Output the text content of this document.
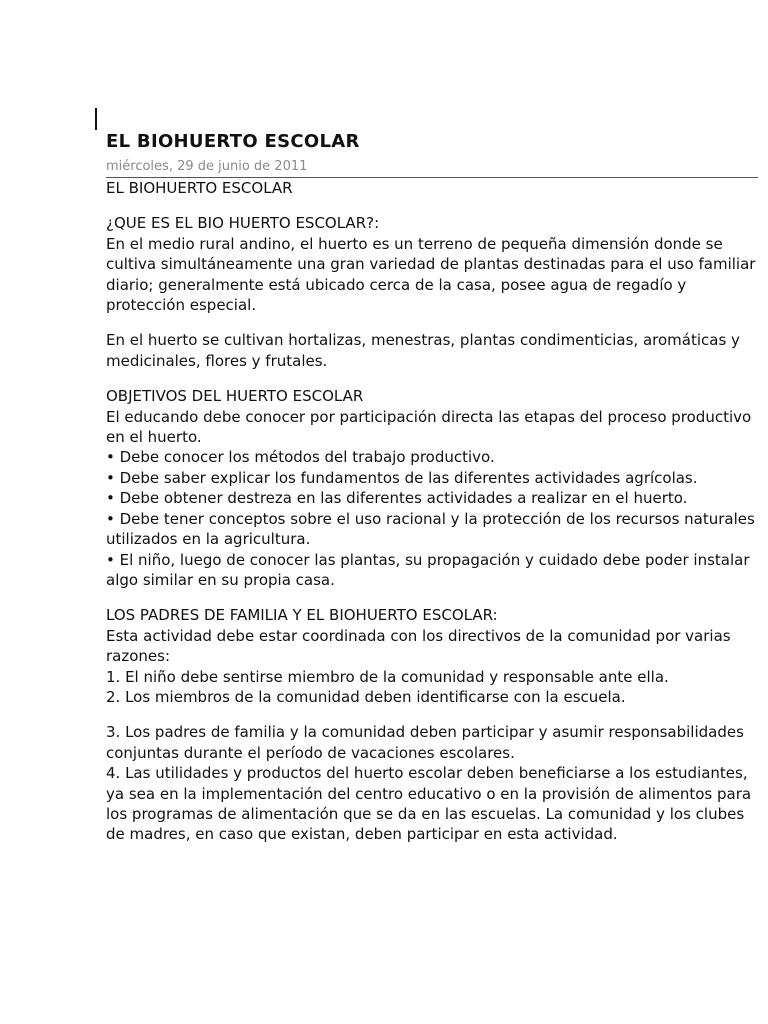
EL BIOHUERTO ESCOLAR
miércoles, 29 de junio de 2011

EL BIOHUERTO ESCOLAR

¿QUE ES EL BIO HUERTO ESCOLAR?:

En el medio rural andino, el huerto es un terreno de pequeña dimensión donde se cultiva simultáneamente una gran variedad de plantas destinadas para el uso familiar diario; generalmente está ubicado cerca de la casa, posee agua de regadío y protección especial.

En el huerto se cultivan hortalizas, menestras, plantas condimenticias, aromáticas y medicinales, flores y frutales.

OBJETIVOS DEL HUERTO ESCOLAR

El educando debe conocer por participación directa las etapas del proceso productivo en el huerto.

• Debe conocer los métodos del trabajo productivo.

• Debe saber explicar los fundamentos de las diferentes actividades agrícolas.

• Debe obtener destreza en las diferentes actividades a realizar en el huerto.

• Debe tener conceptos sobre el uso racional y la protección de los recursos naturales utilizados en la agricultura.

• El niño, luego de conocer las plantas, su propagación y cuidado debe poder instalar algo similar en su propia casa.

LOS PADRES DE FAMILIA Y EL BIOHUERTO ESCOLAR:

Esta actividad debe estar coordinada con los directivos de la comunidad por varias razones:

1. El niño debe sentirse miembro de la comunidad y responsable ante ella.

2. Los miembros de la comunidad deben identificarse con la escuela.

3. Los padres de familia y la comunidad deben participar y asumir responsabilidades conjuntas durante el período de vacaciones escolares.

4. Las utilidades y productos del huerto escolar deben beneficiarse a los estudiantes, ya sea en la implementación del centro educativo o en la provisión de alimentos para los programas de alimentación que se da en las escuelas. La comunidad y los clubes de madres, en caso que existan, deben participar en esta actividad.
